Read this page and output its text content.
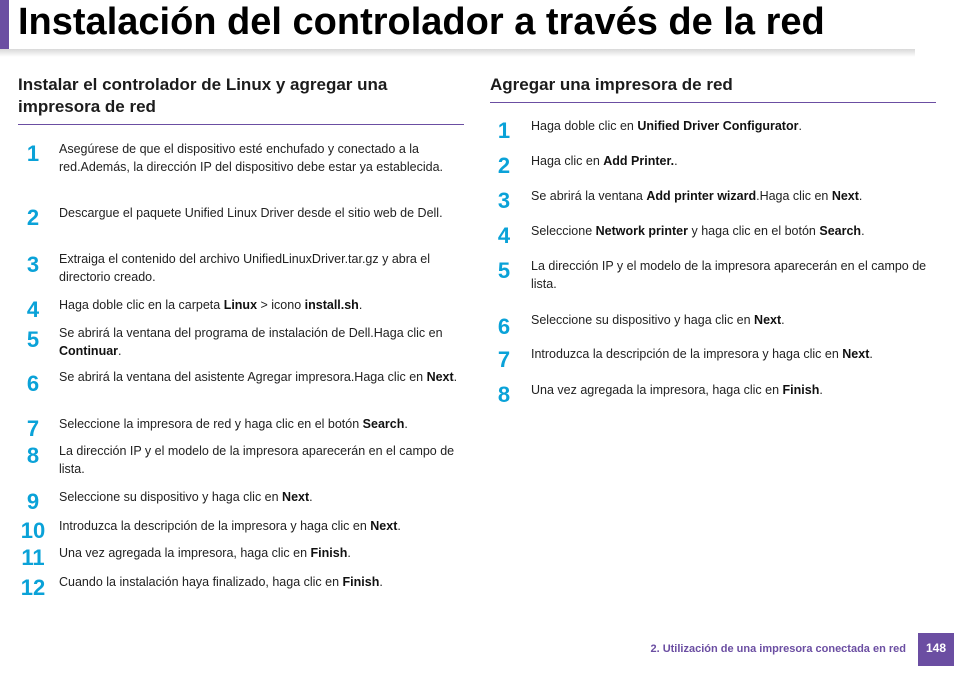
Instalación del controlador a través de la red
Instalar el controlador de Linux y agregar una impresora de red
1	Asegúrese de que el dispositivo esté enchufado y conectado a la red.Además, la dirección IP del dispositivo debe estar ya establecida.
2	Descargue el paquete Unified Linux Driver desde el sitio web de Dell.
3	Extraiga el contenido del archivo UnifiedLinuxDriver.tar.gz y abra el directorio creado.
4	Haga doble clic en la carpeta Linux > icono install.sh.
5	Se abrirá la ventana del programa de instalación de Dell.Haga clic en Continuar.
6	Se abrirá la ventana del asistente Agregar impresora.Haga clic en Next.
7	Seleccione la impresora de red y haga clic en el botón Search.
8	La dirección IP y el modelo de la impresora aparecerán en el campo de lista.
9	Seleccione su dispositivo y haga clic en Next.
10	Introduzca la descripción de la impresora y haga clic en Next.
11	Una vez agregada la impresora, haga clic en Finish.
12	Cuando la instalación haya finalizado, haga clic en Finish.
Agregar una impresora de red
1	Haga doble clic en Unified Driver Configurator.
2	Haga clic en Add Printer..
3	Se abrirá la ventana Add printer wizard.Haga clic en Next.
4	Seleccione Network printer y haga clic en el botón Search.
5	La dirección IP y el modelo de la impresora aparecerán en el campo de lista.
6	Seleccione su dispositivo y haga clic en Next.
7	Introduzca la descripción de la impresora y haga clic en Next.
8	Una vez agregada la impresora, haga clic en Finish.
2. Utilización de una impresora conectada en red	148
